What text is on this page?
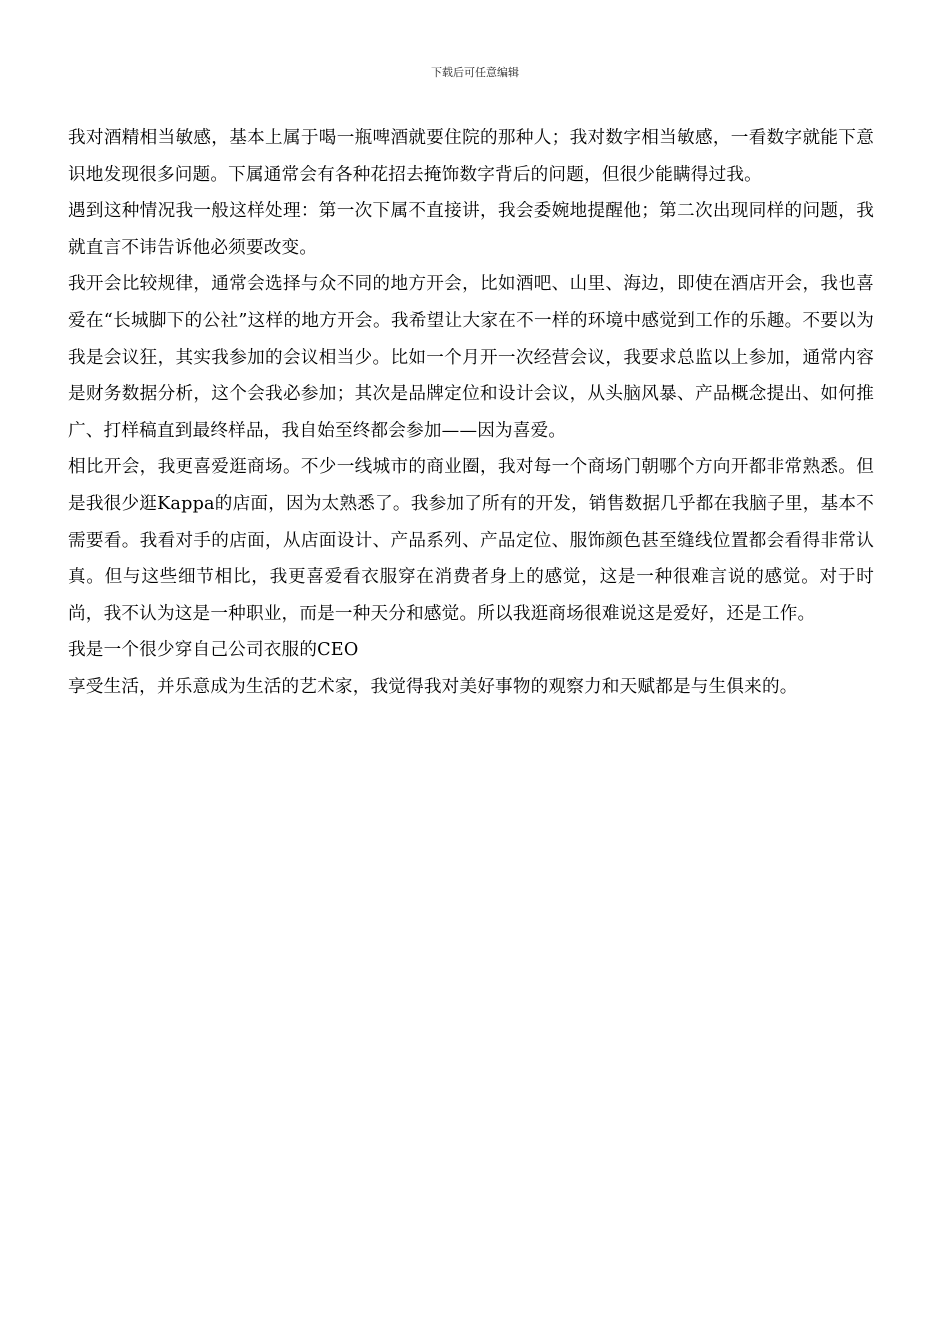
下载后可任意编辑

我对酒精相当敏感，基本上属于喝一瓶啤酒就要住院的那种人；我对数字相当敏感，一看数字就能下意识地发现很多问题。下属通常会有各种花招去掩饰数字背后的问题，但很少能瞒得过我。

遇到这种情况我一般这样处理：第一次下属不直接讲，我会委婉地提醒他；第二次出现同样的问题，我就直言不讳告诉他必须要改变。

我开会比较规律，通常会选择与众不同的地方开会，比如酒吧、山里、海边，即使在酒店开会，我也喜爱在“长城脚下的公社”这样的地方开会。我希望让大家在不一样的环境中感觉到工作的乐趣。不要以为我是会议狂，其实我参加的会议相当少。比如一个月开一次经营会议，我要求总监以上参加，通常内容是财务数据分析，这个会我必参加；其次是品牌定位和设计会议，从头脑风暴、产品概念提出、如何推广、打样稿直到最终样品，我自始至终都会参加——因为喜爱。

相比开会，我更喜爱逛商场。不少一线城市的商业圈，我对每一个商场门朝哪个方向开都非常熟悉。但是我很少逛Kappa的店面，因为太熟悉了。我参加了所有的开发，销售数据几乎都在我脑子里，基本不需要看。我看对手的店面，从店面设计、产品系列、产品定位、服饰颜色甚至缝线位置都会看得非常认真。但与这些细节相比，我更喜爱看衣服穿在消费者身上的感觉，这是一种很难言说的感觉。对于时尚，我不认为这是一种职业，而是一种天分和感觉。所以我逛商场很难说这是爱好，还是工作。

我是一个很少穿自己公司衣服的CEO

享受生活，并乐意成为生活的艺术家，我觉得我对美好事物的观察力和天赋都是与生俱来的。
